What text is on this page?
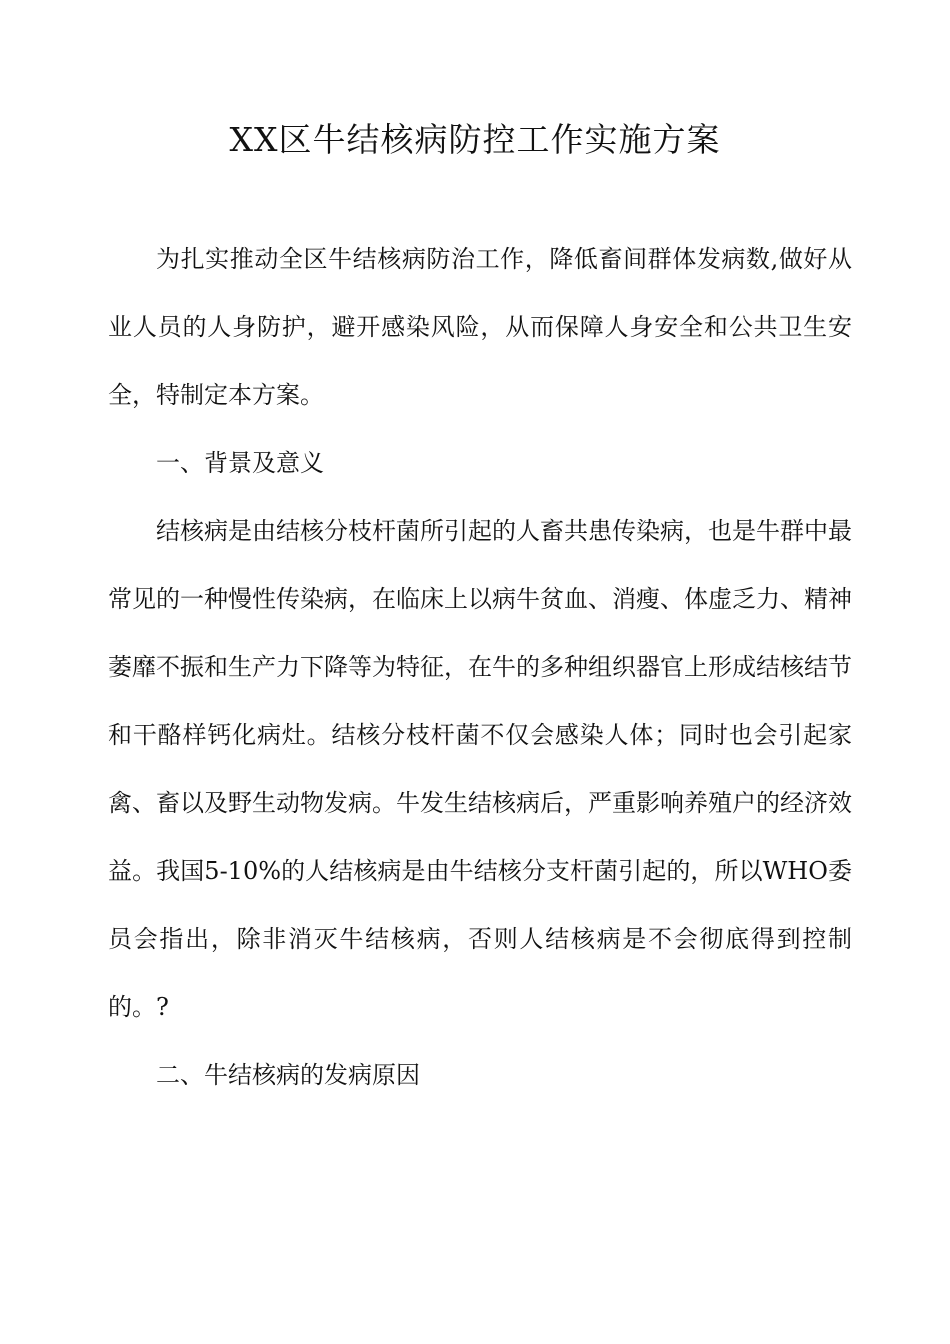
XX区牛结核病防控工作实施方案

为扎实推动全区牛结核病防治工作，降低畜间群体发病数,做好从业人员的人身防护，避开感染风险，从而保障人身安全和公共卫生安全，特制定本方案。

一、背景及意义

结核病是由结核分枝杆菌所引起的人畜共患传染病，也是牛群中最常见的一种慢性传染病，在临床上以病牛贫血、消瘦、体虚乏力、精神萎靡不振和生产力下降等为特征，在牛的多种组织器官上形成结核结节和干酪样钙化病灶。结核分枝杆菌不仅会感染人体；同时也会引起家禽、畜以及野生动物发病。牛发生结核病后，严重影响养殖户的经济效益。我国5-10%的人结核病是由牛结核分支杆菌引起的，所以WHO委员会指出，除非消灭牛结核病，否则人结核病是不会彻底得到控制的。?

二、牛结核病的发病原因
